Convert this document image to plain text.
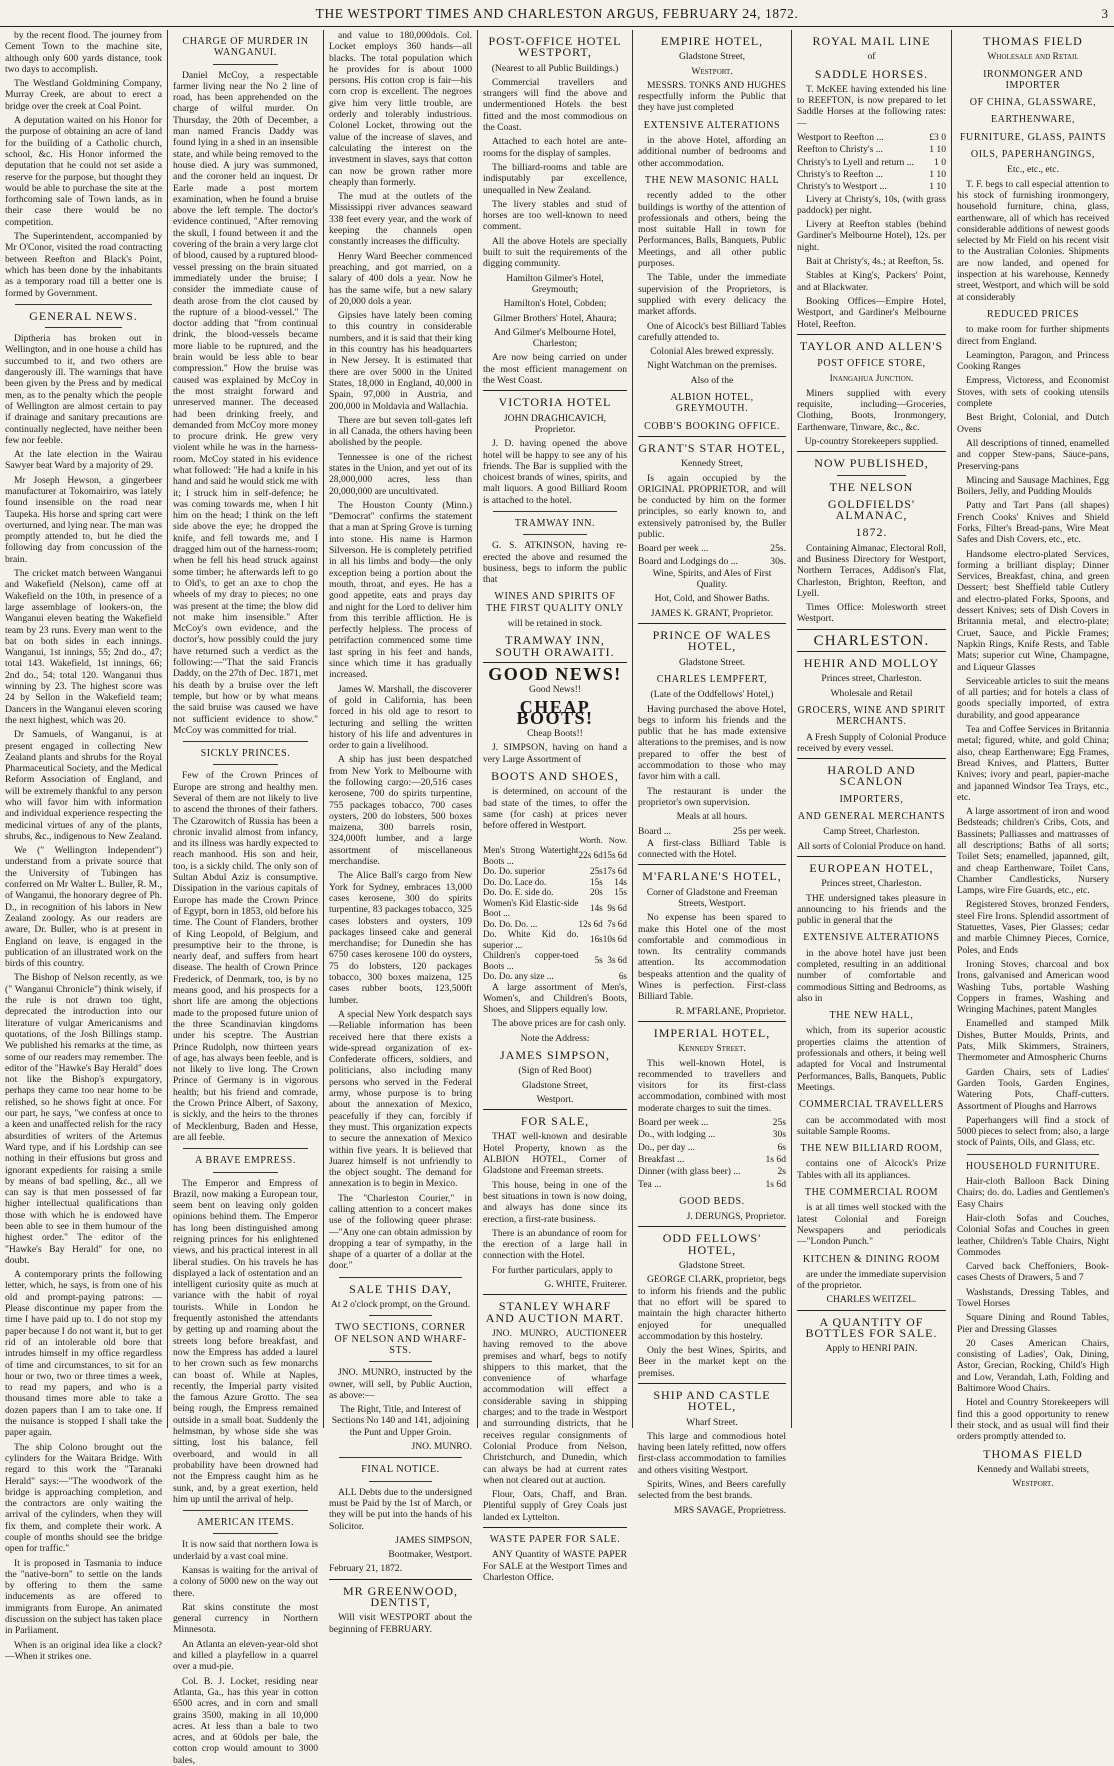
THE WESTPORT TIMES AND CHARLESTON ARGUS, FEBRUARY 24, 1872.	3

by the recent flood. The journey from Cement Town to the machine site, although only 600 yards distance, took two days to accomplish.

The Westland Goldmining Company, Murray Creek, are about to erect a bridge over the creek at Coal Point.

A deputation waited on his Honor for the purpose of obtaining an acre of land for the building of a Catholic church, school, &c. His Honor informed the deputation that he could not set aside a reserve for the purpose, but thought they would be able to purchase the site at the forthcoming sale of Town lands, as in their case there would be no competition.

The Superintendent, accompanied by Mr O'Conor, visited the road contracting between Reefton and Black's Point, which has been done by the inhabitants as a temporary road till a better one is formed by Government.

GENERAL NEWS.

Diptheria has broken out in Wellington, and in one house a child has succumbed to it, and two others are dangerously ill. The warnings that have been given by the Press and by medical men, as to the penalty which the people of Wellington are almost certain to pay if drainage and sanitary precautions are continually neglected, have neither been few nor feeble.

At the late election in the Wairau Sawyer beat Ward by a majority of 29.

Mr Joseph Hewson, a gingerbeer manufacturer at Tokomairiro, was lately found insensible on the road near Taupeka. His horse and spring cart were overturned, and lying near. The man was promptly attended to, but he died the following day from concussion of the brain.

The cricket match between Wanganui and Wakefield (Nelson), came off at Wakefield on the 10th, in presence of a large assemblage of lookers-on, the Wanganui eleven beating the Wakefield team by 23 runs. Every man went to the bat on both sides in each innings. Wanganui, 1st innings, 55; 2nd do., 47; total 143. Wakefield, 1st innings, 66; 2nd do., 54; total 120. Wanganui thus winning by 23. The highest score was 24 by Sellon in the Wakefield team; Dancers in the Wanganui eleven scoring the next highest, which was 20.

Dr Samuels, of Wanganui, is at present engaged in collecting New Zealand plants and shrubs for the Royal Pharmaceutical Society, and the Medical Reform Association of England, and will be extremely thankful to any person who will favor him with information and individual experience respecting the medicinal virtues of any of the plants, shrubs, &c., indigenous to New Zealand.

We (" Wellington Independent") understand from a private source that the University of Tubingen has conferred on Mr Walter L. Buller, R. M., of Wanganui, the honorary degree of Ph. D., in recognition of his labors in New Zealand zoology. As our readers are aware, Dr. Buller, who is at present in England on leave, is engaged in the publication of an illustrated work on the birds of this country.

The Bishop of Nelson recently, as we (" Wanganui Chronicle") think wisely, if the rule is not drawn too tight, deprecated the introduction into our literature of vulgar Americanisms and quotations, of the Josh Billings stamp. We published his remarks at the time, as some of our readers may remember. The editor of the "Hawke's Bay Herald" does not like the Bishop's expurgatory, perhaps they came too near home to be relished, so he shows fight at once. For our part, he says, "we confess at once to a keen and unaffected relish for the racy absurdities of writers of the Artemus Ward type, and if his Lordship can see nothing in their effusions but gross and ignorant expedients for raising a smile by means of bad spelling, &c., all we can say is that men possessed of far higher intellectual qualifications than those with which he is endowed have been able to see in them humour of the highest order." The editor of the "Hawke's Bay Herald" for one, no doubt.

A contemporary prints the following letter, which, he says, is from one of his old and prompt-paying patrons: —Please discontinue my paper from the time I have paid up to. I do not stop my paper because I do not want it, but to get rid of an intolerable old bore that intrudes himself in my office regardless of time and circumstances, to sit for an hour or two, two or three times a week, to read my papers, and who is a thousand times more able to take a dozen papers than I am to take one. If the nuisance is stopped I shall take the paper again.

The ship Colono brought out the cylinders for the Waitara Bridge. With regard to this work the "Taranaki Herald" says:—"The woodwork of the bridge is approaching completion, and the contractors are only waiting the arrival of the cylinders, when they will fix them, and complete their work. A couple of months should see the bridge open for traffic."

It is proposed in Tasmania to induce the "native-born" to settle on the lands by offering to them the same inducements as are offered to immigrants from Europe. An animated discussion on the subject has taken place in Parliament.

When is an original idea like a clock?—When it strikes one.

CHARGE OF MURDER IN WANGANUI.

Daniel McCoy, a respectable farmer living near the No 2 line of road, has been apprehended on the charge of wilful murder. On Thursday, the 20th of December, a man named Francis Daddy was found lying in a shed in an insensible state, and while being removed to the house died. A jury was summoned, and the coroner held an inquest. Dr Earle made a post mortem examination, when he found a bruise above the left temple. The doctor's evidence continued, "After removing the skull, I found between it and the covering of the brain a very large clot of blood, caused by a ruptured blood-vessel pressing on the brain situated immediately under the bruise; I consider the immediate cause of death arose from the clot caused by the rupture of a blood-vessel." The doctor adding that "from continual drink, the blood-vessels became more liable to be ruptured, and the brain would be less able to bear compression." How the bruise was caused was explained by McCoy in the most straight forward and unreserved manner. The deceased had been drinking freely, and demanded from McCoy more money to procure drink. He grew very violent while he was in the harness-room. McCoy stated in his evidence what followed: "He had a knife in his hand and said he would stick me with it; I struck him in self-defence; he was coming towards me, when I hit him on the head; I think on the left side above the eye; he dropped the knife, and fell towards me, and I dragged him out of the harness-room; when he fell his head struck against some timber; he afterwards left to go to Old's, to get an axe to chop the wheels of my dray to pieces; no one was present at the time; the blow did not make him insensible." After McCoy's own evidence, and the doctor's, how possibly could the jury have returned such a verdict as the following:—"That the said Francis Daddy, on the 27th of Dec. 1871, met his death by a bruise over the left temple, but how or by what means the said bruise was caused we have not sufficient evidence to show." McCoy was committed for trial.

SICKLY PRINCES.

Few of the Crown Princes of Europe are strong and healthy men. Several of them are not likely to live to ascend the thrones of their fathers. The Czarowitch of Russia has been a chronic invalid almost from infancy, and its illness was hardly expected to reach manhood. His son and heir, too, is a sickly child. The only son of Sultan Abdul Aziz is consumptive. Dissipation in the various capitals of Europe has made the Crown Prince of Egypt, born in 1853, old before his time. The Count of Flanders, brother of King Leopold, of Belgium, and presumptive heir to the throne, is nearly deaf, and suffers from heart disease. The health of Crown Prince Frederick, of Denmark, too, is by no means good, and his prospects for a short life are among the objections made to the proposed future union of the three Scandinavian kingdoms under his sceptre. The Austrian Prince Rudolph, now thirteen years of age, has always been feeble, and is not likely to live long. The Crown Prince of Germany is in vigorous health; but his friend and comrade, the Crown Prince Albert, of Saxony, is sickly, and the heirs to the thrones of Mecklenburg, Baden and Hesse, are all feeble.

A BRAVE EMPRESS.

The Emperor and Empress of Brazil, now making a European tour, seem bent on leaving only golden opinions behind them. The Emperor has long been distinguished among reigning princes for his enlightened views, and his practical interest in all liberal studies. On his travels he has displayed a lack of ostentation and an intelligent curiosity quite as much at variance with the habit of royal tourists. While in London he frequently astonished the attendants by getting up and roaming about the streets long before breakfast, and now the Empress has added a laurel to her crown such as few monarchs can boast of. While at Naples, recently, the Imperial party visited the famous Azure Grotto. The sea being rough, the Empress remained outside in a small boat. Suddenly the helmsman, by whose side she was sitting, lost his balance, fell overboard, and would in all probability have been drowned had not the Empress caught him as he sunk, and, by a great exertion, held him up until the arrival of help.

AMERICAN ITEMS.

It is now said that northern Iowa is underlaid by a vast coal mine.

Kansas is waiting for the arrival of a colony of 5000 new on the way out there.

Rat skins constitute the most general currency in Northern Minnesota.

An Atlanta an eleven-year-old shot and killed a playfellow in a quarrel over a mud-pie.

Col. B. J. Locket, residing near Atlanta, Ga., has this year in cotton 6500 acres, and in corn and small grains 3500, making in all 10,000 acres. At less than a bale to two acres, and at 60dols per bale, the cotton crop would amount to 3000 bales,

and value to 180,000dols. Col. Locket employs 360 hands—all blacks. The total population which he provides for is about 1000 persons. His cotton crop is fair—his corn crop is excellent. The negroes give him very little trouble, are orderly and tolerably industrious. Colonel Locket, throwing out the value of the increase of slaves, and calculating the interest on the investment in slaves, says that cotton can now be grown rather more cheaply than formerly.

The mud at the outlets of the Mississippi river advances seaward 338 feet every year, and the work of keeping the channels open constantly increases the difficulty.

Henry Ward Beecher commenced preaching, and got married, on a salary of 400 dols a year. Now he has the same wife, but a new salary of 20,000 dols a year.

Gipsies have lately been coming to this country in considerable numbers, and it is said that their king in this country has his headquarters in New Jersey. It is estimated that there are over 5000 in the United States, 18,000 in England, 40,000 in Spain, 97,000 in Austria, and 200,000 in Moldavia and Wallachia.

There are but seven toll-gates left in all Canada, the others having been abolished by the people.

Tennessee is one of the richest states in the Union, and yet out of its 28,000,000 acres, less than 20,000,000 are uncultivated.

The Houston County (Minn.) "Democrat" confirms the statement that a man at Spring Grove is turning into stone. His name is Harmon Silverson. He is completely petrified in all his limbs and body—the only exception being a portion about the mouth, throat, and eyes. He has a good appetite, eats and prays day and night for the Lord to deliver him from this terrible affliction. He is perfectly helpless. The process of petrifaction commenced some time last spring in his feet and hands, since which time it has gradually increased.

James W. Marshall, the discoverer of gold in California, has been forced in his old age to resort to lecturing and selling the written history of his life and adventures in order to gain a livelihood.

A ship has just been despatched from New York to Melbourne with the following cargo:—20,516 cases kerosene, 700 do spirits turpentine, 755 packages tobacco, 700 cases oysters, 200 do lobsters, 500 boxes maizena, 300 barrels rosin, 324,000ft lumber, and a large assortment of miscellaneous merchandise.

The Alice Ball's cargo from New York for Sydney, embraces 13,000 cases kerosene, 300 do spirits turpentine, 83 packages tobacco, 325 cases lobsters and oysters, 109 packages linseed cake and general merchandise; for Dunedin she has 6750 cases kerosene 100 do oysters, 75 do lobsters, 120 packages tobacco, 300 boxes maizena, 125 cases rubber boots, 123,500ft lumber.

A special New York despatch says—Reliable information has been received here that there exists a wide-spread organization of ex-Confederate officers, soldiers, and politicians, also including many persons who served in the Federal army, whose purpose is to bring about the annexation of Mexico, peacefully if they can, forcibly if they must. This organization expects to secure the annexation of Mexico within five years. It is believed that Juarez himself is not unfriendly to the object sought. The demand for annexation is to begin in Mexico.

The "Charleston Courier," in calling attention to a concert makes use of the following queer phrase:—"Any one can obtain admission by dropping a tear of sympathy, in the shape of a quarter of a dollar at the door."

SALE THIS DAY,

At 2 o'clock prompt, on the Ground.

TWO SECTIONS, CORNER OF NELSON AND WHARF-STS.

JNO. MUNRO, instructed by the owner, will sell, by Public Auction, as above:—

The Right, Title, and Interest of Sections No 140 and 141, adjoining the Punt and Upper Groin.

JNO. MUNRO.

FINAL NOTICE.

ALL Debts due to the undersigned must be Paid by the 1st of March, or they will be put into the hands of his Solicitor.

JAMES SIMPSON,

Bootmaker, Westport.

February 21, 1872.

MR GREENWOOD, DENTIST,

Will visit WESTPORT about the beginning of FEBRUARY.

POST-OFFICE HOTEL WESTPORT,

(Nearest to all Public Buildings.)

Commercial travellers and strangers will find the above and undermentioned Hotels the best fitted and the most commodious on the Coast.

Attached to each hotel are ante-rooms for the display of samples.

The billiard-rooms and table are indisputably par excellence, unequalled in New Zealand.

The livery stables and stud of horses are too well-known to need comment.

All the above Hotels are specially built to suit the requirements of the digging community.

Hamilton Gilmer's Hotel, Greymouth;

Hamilton's Hotel, Cobden;

Gilmer Brothers' Hotel, Ahaura;

And Gilmer's Melbourne Hotel, Charleston;

Are now being carried on under the most efficient management on the West Coast.

VICTORIA HOTEL

JOHN DRAGHICAVICH, Proprietor.

J. D. having opened the above hotel will be happy to see any of his friends. The Bar is supplied with the choicest brands of wines, spirits, and malt liquors. A good Billiard Room is attached to the hotel.

TRAMWAY INN.

G. S. ATKINSON, having re-erected the above and resumed the business, begs to inform the public that

WINES AND SPIRITS OF THE FIRST QUALITY ONLY

will be retained in stock.

TRAMWAY INN, SOUTH ORAWAITI.
GOOD NEWS!

Good News!!

CHEAP BOOTS!

Cheap Boots!!

J. SIMPSON, having on hand a very Large Assortment of

BOOTS AND SHOES,

is determined, on account of the bad state of the times, to offer the same (for cash) at prices never before offered in Westport.

	Worth.	Now.
Men's Strong Watertight Boots ...	22s 6d	15s 6d
Do. Do. superior	25s	17s 6d
Do. Do. Lace do.	15s	14s
Do. Do. E. side do.	20s	15s
Women's Kid Elastic-side Boot ...	14s	9s 6d
Do. Do. Do. ...	12s 6d	7s 6d
Do. White Kid do. superior ...	16s	10s 6d
Children's copper-toed Boots ...	5s	3s 6d
Do. Do. any size ...		6s

A large assortment of Men's, Women's, and Children's Boots, Shoes, and Slippers equally low.

The above prices are for cash only.

Note the Address:

JAMES SIMPSON,

(Sign of Red Boot)

Gladstone Street,

Westport.

FOR SALE,

THAT well-known and desirable Hotel Property, known as the ALBION HOTEL, Corner of Gladstone and Freeman streets.

This house, being in one of the best situations in town is now doing, and always has done since its erection, a first-rate business.

There is an abundance of room for the erection of a large hall in connection with the Hotel.

For further particulars, apply to

G. WHITE, Fruiterer.

STANLEY WHARF AND AUCTION MART.

JNO. MUNRO, AUCTIONEER having removed to the above premises and wharf, begs to notify shippers to this market, that the convenience of wharfage accommodation will effect a considerable saving in shipping charges; and to the trade in Westport and surrounding districts, that he receives regular consignments of Colonial Produce from Nelson, Christchurch, and Dunedin, which can always be had at current rates when not cleared out at auction.

Flour, Oats, Chaff, and Bran. Plentiful supply of Grey Coals just landed ex Lyttelton.

WASTE PAPER FOR SALE.

ANY Quantity of WASTE PAPER For SALE at the Westport Times and Charleston Office.

EMPIRE HOTEL,

Gladstone Street,

Westport.

MESSRS. TONKS AND HUGHES respectfully inform the Public that they have just completed

EXTENSIVE ALTERATIONS

in the above Hotel, affording an additional number of bedrooms and other accommodation.

THE NEW MASONIC HALL

recently added to the other buildings is worthy of the attention of professionals and others, being the most suitable Hall in town for Performances, Balls, Banquets, Public Meetings, and all other public purposes.

The Table, under the immediate supervision of the Proprietors, is supplied with every delicacy the market affords.

One of Alcock's best Billiard Tables carefully attended to.

Colonial Ales brewed expressly.

Night Watchman on the premises.

Also of the

ALBION HOTEL, GREYMOUTH.
COBB'S BOOKING OFFICE.
GRANT'S STAR HOTEL,

Kennedy Street,

Is again occupied by the ORIGINAL PROPRIETOR, and will be conducted by him on the former principles, so early known to, and extensively patronised by, the Buller public.

Board per week ...	25s.
Board and Lodgings do ...	30s.

Wine, Spirits, and Ales of First Quality.

Hot, Cold, and Shower Baths.

JAMES K. GRANT, Proprietor.

PRINCE OF WALES HOTEL,

Gladstone Street.

CHARLES LEMPFERT,

(Late of the Oddfellows' Hotel,)

Having purchased the above Hotel, begs to inform his friends and the public that he has made extensive alterations to the premises, and is now prepared to offer the best of accommodation to those who may favor him with a call.

The restaurant is under the proprietor's own supervision.

Meals at all hours.

Board ...	25s per week.

A first-class Billiard Table is connected with the Hotel.

M'FARLANE'S HOTEL,

Corner of Gladstone and Freeman Streets, Westport.

No expense has been spared to make this Hotel one of the most comfortable and commodious in town. Its centrality commands attention. Its accommodation bespeaks attention and the quality of Wines is perfection. First-class Billiard Table.

R. M'FARLANE, Proprietor.

IMPERIAL HOTEL,

Kennedy Street.

This well-known Hotel, is recommended to travellers and visitors for its first-class accommodation, combined with most moderate charges to suit the times.

Board per week ...	25s
Do., with lodging ...	30s
Do., per day ...	6s
Breakfast ...	1s 6d
Dinner (with glass beer) ...	2s
Tea ...	1s 6d
GOOD BEDS.

J. DERUNGS, Proprietor.

ODD FELLOWS' HOTEL,

Gladstone Street.

GEORGE CLARK, proprietor, begs to inform his friends and the public that no effort will be spared to maintain the high character hitherto enjoyed for unequalled accommodation by this hostelry.

Only the best Wines, Spirits, and Beer in the market kept on the premises.

SHIP AND CASTLE HOTEL,

Wharf Street.

This large and commodious hotel having been lately refitted, now offers first-class accommodation to families and others visiting Westport.

Spirits, Wines, and Beers carefully selected from the best brands.

MRS SAVAGE, Proprietress.

ROYAL MAIL LINE

of

SADDLE HORSES.

T. McKEE having extended his line to REEFTON, is now prepared to let Saddle Horses at the following rates:—

Westport to Reefton ...	£3 0
Reefton to Christy's ...	1 10
Christy's to Lyell and return ... 1 0
Christy's to Reefton ...	1 10
Christy's to Westport ...	1 10

Livery at Christy's, 10s, (with grass paddock) per night.

Livery at Reefton stables (behind Gardiner's Melbourne Hotel), 12s. per night.

Bait at Christy's, 4s.; at Reefton, 5s.

Stables at King's, Packers' Point, and at Blackwater.

Booking Offices—Empire Hotel, Westport, and Gardiner's Melbourne Hotel, Reefton.

TAYLOR AND ALLEN'S
POST OFFICE STORE,

Inangahua Junction.

Miners supplied with every requisite, including—Groceries, Clothing, Boots, Ironmongery, Earthenware, Tinware, &c., &c.

Up-country Storekeepers supplied.

NOW PUBLISHED,
THE NELSON
GOLDFIELDS' ALMANAC,
1872.

Containing Almanac, Electoral Roll, and Business Directory for Westport, Northern Terraces, Addison's Flat, Charleston, Brighton, Reefton, and Lyell.

Times Office: Molesworth street Westport.

CHARLESTON.
HEHIR AND MOLLOY

Princes street, Charleston.

Wholesale and Retail

GROCERS, WINE AND SPIRIT MERCHANTS.

A Fresh Supply of Colonial Produce received by every vessel.

HAROLD AND SCANLON
IMPORTERS,
AND GENERAL MERCHANTS

Camp Street, Charleston.

All sorts of Colonial Produce on hand.

EUROPEAN HOTEL,

Princes street, Charleston.

THE undersigned takes pleasure in announcing to his friends and the public in general that the

EXTENSIVE ALTERATIONS

in the above hotel have just been completed, resulting in an additional number of comfortable and commodious Sitting and Bedrooms, as also in

THE NEW HALL,

which, from its superior acoustic properties claims the attention of professionals and others, it being well adapted for Vocal and Instrumental Performances, Balls, Banquets, Public Meetings.

COMMERCIAL TRAVELLERS

can be accommodated with most suitable Sample Rooms.

THE NEW BILLIARD ROOM,

contains one of Alcock's Prize Tables with all its appliances.

THE COMMERCIAL ROOM

is at all times well stocked with the latest Colonial and Foreign Newspapers and periodicals—"London Punch."

KITCHEN & DINING ROOM

are under the immediate supervision of the proprietor.

CHARLES WEITZEL.

A QUANTITY OF BOTTLES FOR SALE.

Apply to HENRI PAIN.

THOMAS FIELD

Wholesale and Retail

IRONMONGER AND IMPORTER
OF CHINA, GLASSWARE,
EARTHENWARE,
FURNITURE, GLASS, PAINTS
OILS, PAPERHANGINGS,

Etc., etc., etc.

T. F. begs to call especial attention to his stock of furnishing ironmongery, household furniture, china, glass, earthenware, all of which has received considerable additions of newest goods selected by Mr Field on his recent visit to the Australian Colonies. Shipments are now landed, and opened for inspection at his warehouse, Kennedy street, Westport, and which will be sold at considerably

REDUCED PRICES

to make room for further shipments direct from England.

Leamington, Paragon, and Princess Cooking Ranges

Empress, Victoress, and Economist Stoves, with sets of cooking utensils complete

Best Bright, Colonial, and Dutch Ovens

All descriptions of tinned, enamelled and copper Stew-pans, Sauce-pans, Preserving-pans

Mincing and Sausage Machines, Egg Boilers, Jelly, and Pudding Moulds

Patty and Tart Pans (all shapes) French Cooks' Knives and Shield Forks, Filter's Bread-pans, Wire Meat Safes and Dish Covers, etc., etc.

Handsome electro-plated Services, forming a brilliant display; Dinner Services, Breakfast, china, and green Dessert; best Sheffield table Cutlery and electro-plated Forks, Spoons, and dessert Knives; sets of Dish Covers in Britannia metal, and electro-plate; Cruet, Sauce, and Pickle Frames; Napkin Rings, Knife Rests, and Table Mats; superior cut Wine, Champagne, and Liqueur Glasses

Serviceable articles to suit the means of all parties; and for hotels a class of goods specially imported, of extra durability, and good appearance

Tea and Coffee Services in Britannia metal; figured, white, and gold China; also, cheap Earthenware; Egg Frames, Bread Knives, and Platters, Butter Knives; ivory and pearl, papier-mache and japanned Windsor Tea Trays, etc., etc.

A large assortment of iron and wood Bedsteads; children's Cribs, Cots, and Bassinets; Palliasses and mattrasses of all descriptions; Baths of all sorts; Toilet Sets; enamelled, japanned, gilt, and cheap Earthenware, Toilet Cans, Chamber Candlesticks, Nursery Lamps, wire Fire Guards, etc., etc.

Registered Stoves, bronzed Fenders, steel Fire Irons. Splendid assortment of Statuettes, Vases, Pier Glasses; cedar and marble Chimney Pieces, Cornice, Poles, and Ends

Ironing Stoves, charcoal and box Irons, galvanised and American wood Washing Tubs, portable Washing Coppers in frames, Washing and Wringing Machines, patent Mangles

Enamelled and stamped Milk Dishes, Butter Moulds, Prints, and Pats, Milk Skimmers, Strainers, Thermometer and Atmospheric Churns

Garden Chairs, sets of Ladies' Garden Tools, Garden Engines, Watering Pots, Chaff-cutters. Assortment of Ploughs and Harrows

Paperhangers will find a stock of 5000 pieces to select from; also, a large stock of Paints, Oils, and Glass, etc.

HOUSEHOLD FURNITURE.

Hair-cloth Balloon Back Dining Chairs; do. do. Ladies and Gentlemen's Easy Chairs

Hair-cloth Sofas and Couches, Colonial Sofas and Couches in green leather, Children's Table Chairs, Night Commodes

Carved back Cheffoniers, Book-cases Chests of Drawers, 5 and 7

Washstands, Dressing Tables, and Towel Horses

Square Dining and Round Tables, Pier and Dressing Glasses

20 Cases American Chairs, consisting of Ladies', Oak, Dining, Astor, Grecian, Rocking, Child's High and Low, Verandah, Lath, Folding and Baltimore Wood Chairs.

Hotel and Country Storekeepers will find this a good opportunity to renew their stock, and as usual will find their orders promptly attended to.

THOMAS FIELD

Kennedy and Wallabi streets,

Westport.
